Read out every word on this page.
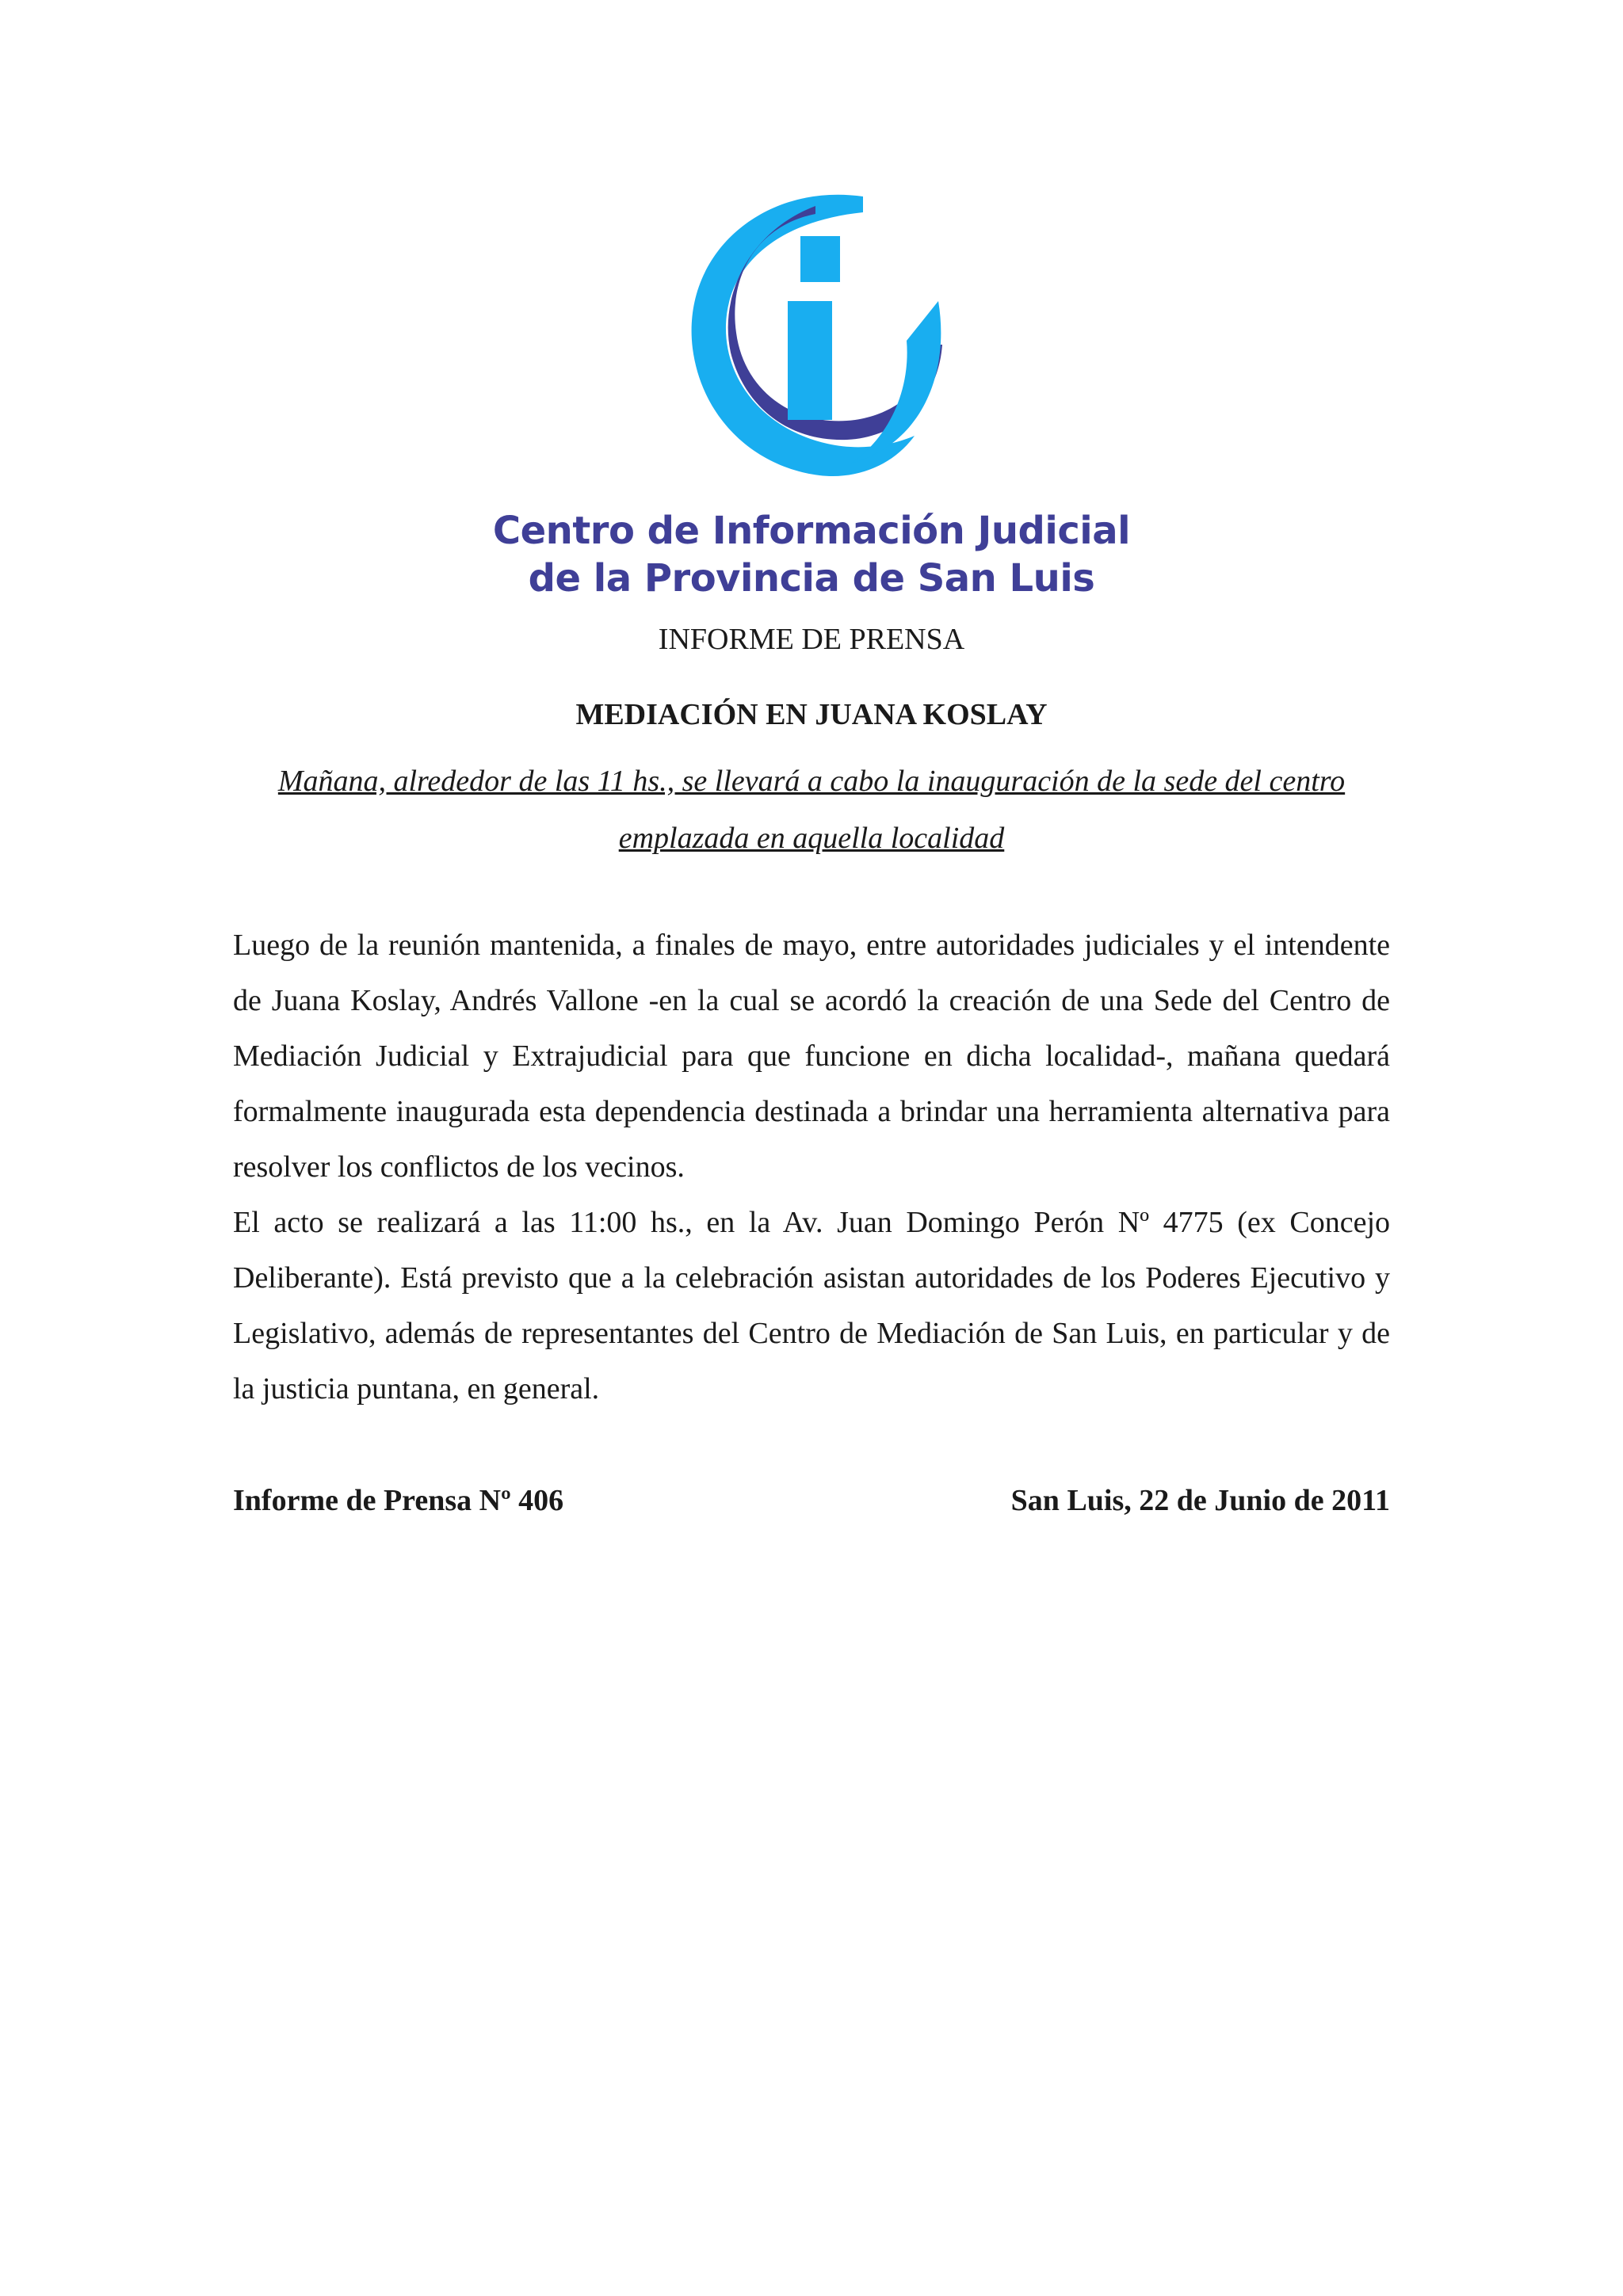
Centro de Información Judicial
de la Provincia de San Luis
INFORME DE PRENSA
MEDIACIÓN EN JUANA KOSLAY
Mañana, alrededor de las 11 hs., se llevará a cabo la inauguración de la sede del centro emplazada en aquella localidad

Luego de la reunión mantenida, a finales de mayo, entre autoridades judiciales y el intendente de Juana Koslay, Andrés Vallone -en la cual se acordó la creación de una Sede del Centro de Mediación Judicial y Extrajudicial para que funcione en dicha localidad-, mañana quedará formalmente inaugurada esta dependencia destinada a brindar una herramienta alternativa para resolver los conflictos de los vecinos.

El acto se realizará a las 11:00 hs., en la Av. Juan Domingo Perón Nº 4775 (ex Concejo Deliberante). Está previsto que a la celebración asistan autoridades de los Poderes Ejecutivo y Legislativo, además de representantes del Centro de Mediación de San Luis, en particular y de la justicia puntana, en general.

Informe de Prensa Nº 406	San Luis, 22 de Junio de 2011
